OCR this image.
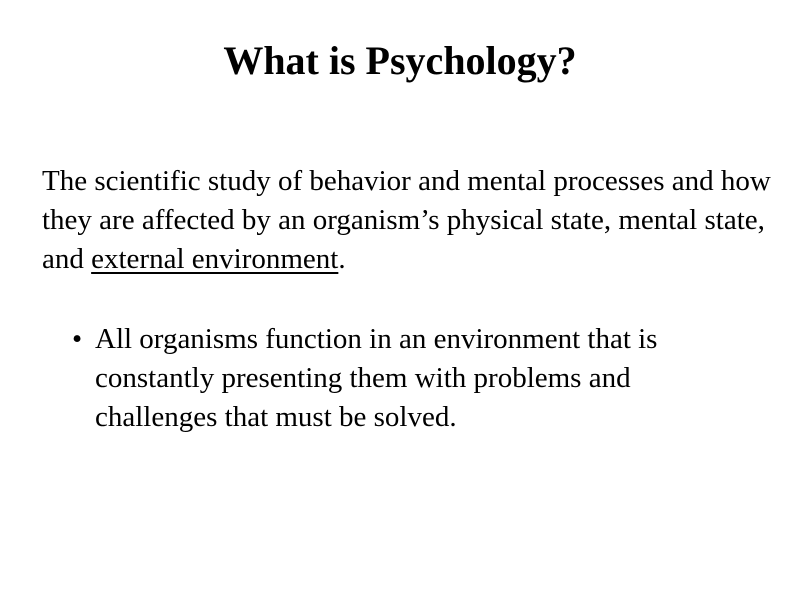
What is Psychology?

The scientific study of behavior and mental processes and how they are affected by an organism’s physical state, mental state, and external environment.

• All organisms function in an environment that is constantly presenting them with problems and challenges that must be solved.
